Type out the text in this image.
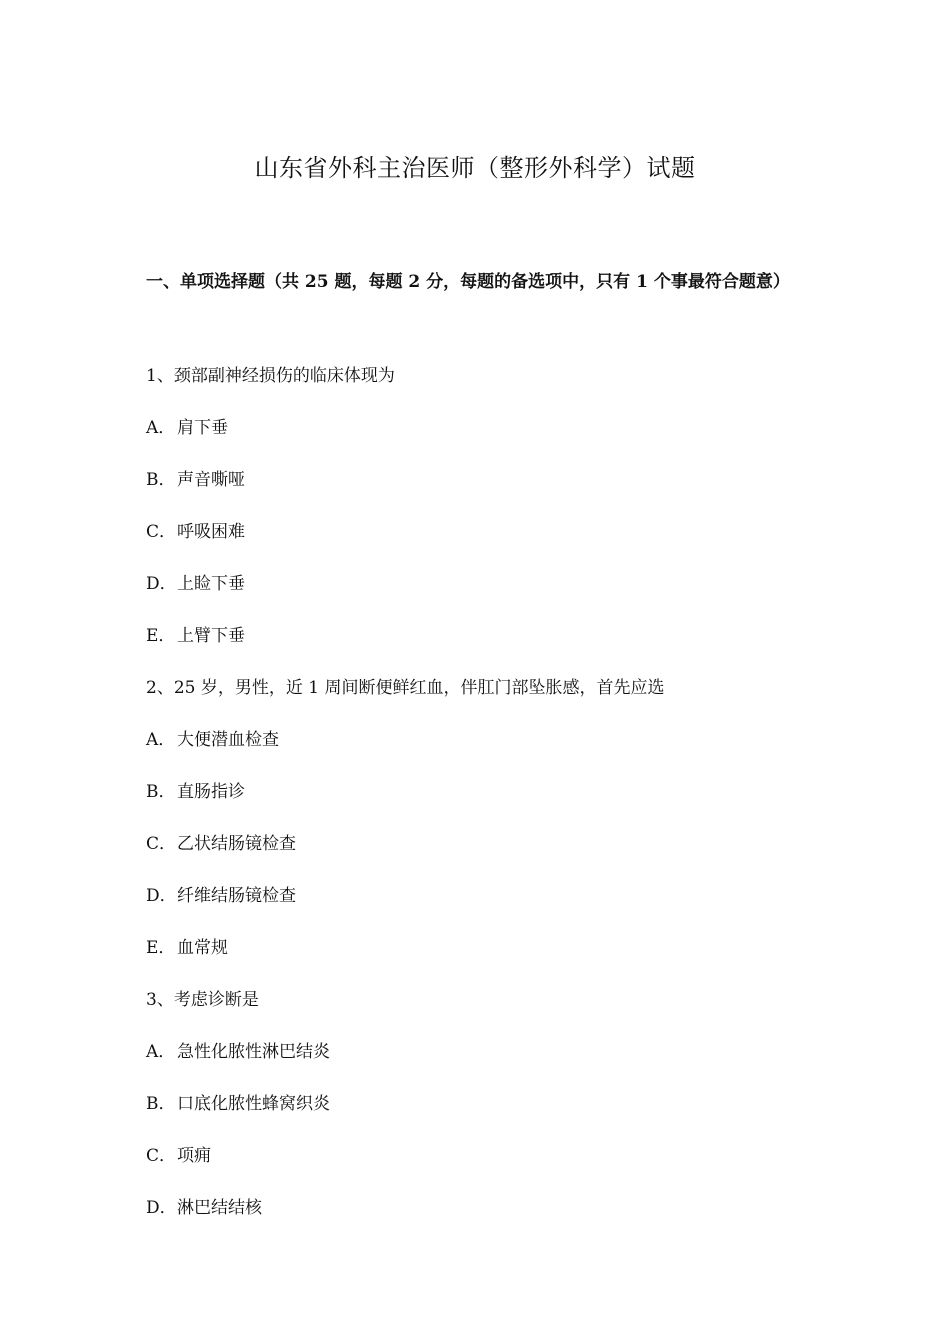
山东省外科主治医师（整形外科学）试题
一、单项选择题（共 25 题，每题 2 分，每题的备选项中，只有 1 个事最符合题意）
1、颈部副神经损伤的临床体现为
A． 肩下垂
B．声音嘶哑
C．呼吸困难
D．上睑下垂
E．上臂下垂
2、25 岁，男性，近 1 周间断便鲜红血，伴肛门部坠胀感，首先应选
A． 大便潜血检查
B．直肠指诊
C．乙状结肠镜检查
D．纤维结肠镜检查
E．血常规
3、考虑诊断是
A． 急性化脓性淋巴结炎
B．口底化脓性蜂窝织炎
C．项痈
D．淋巴结结核
